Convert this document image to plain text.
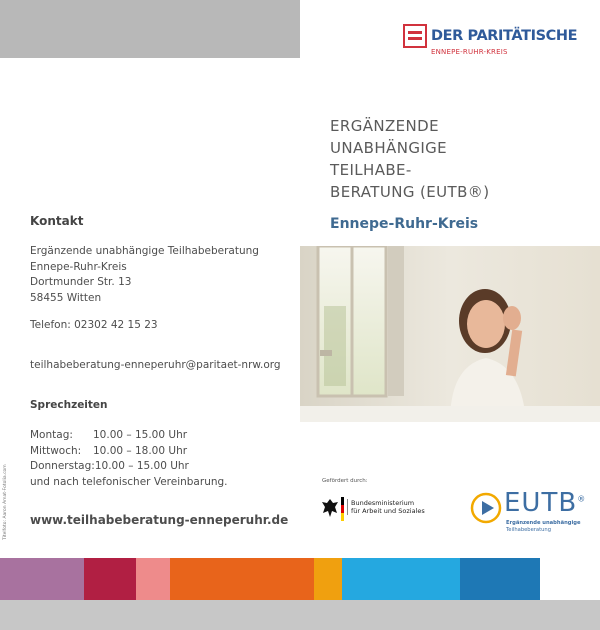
DER PARITÄTISCHE
ENNEPE-RUHR-KREIS
ERGÄNZENDE
UNABHÄNGIGE
TEILHABE-
BERATUNG (EUTB®)
Ennepe-Ruhr-Kreis
Kontakt
Ergänzende unabhängige Teilhabeberatung
Ennepe-Ruhr-Kreis
Dortmunder Str. 13
58455 Witten
Telefon: 02302 42 15 23
teilhabeberatung-enneperuhr@paritaet-nrw.org
Sprechzeiten
Montag:	10.00 – 15.00 Uhr
Mittwoch:	10.00 – 18.00 Uhr
Donnerstag: 10.00 – 15.00 Uhr
und nach telefonischer Vereinbarung.
www.teilhabeberatung-enneperuhr.de
Titelfoto: Aaron Amat-Fotolia.com	Gefördert durch:
Bundesministerium
für Arbeit und Soziales	EUTB®
Ergänzende unabhängige
Teilhabeberatung
